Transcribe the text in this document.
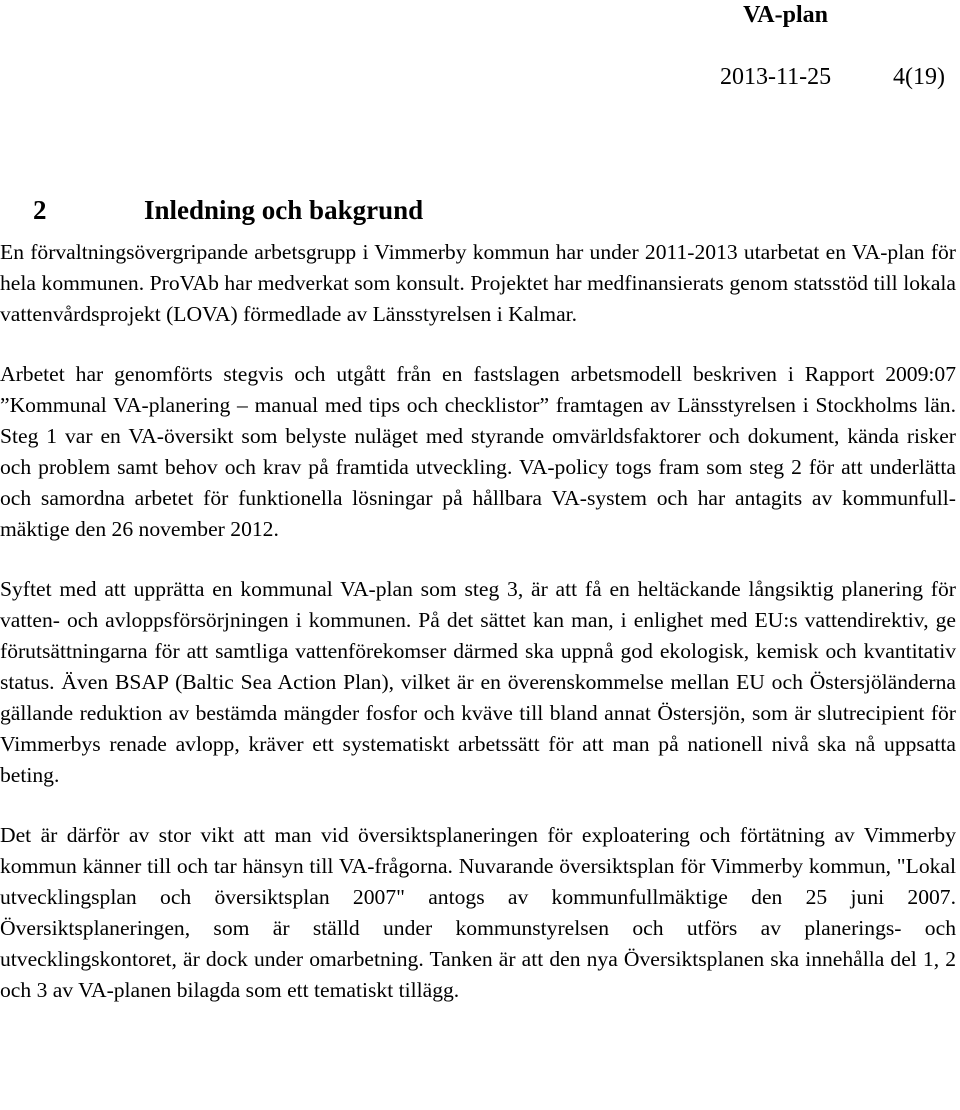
VA-plan
2013-11-25	4(19)
2	Inledning och bakgrund

En förvaltningsövergripande arbetsgrupp i Vimmerby kommun har under 2011-2013 utarbetat en VA-plan för hela kommunen. ProVAb har medverkat som konsult. Projektet har medfinansierats genom statsstöd till lokala vattenvårdsprojekt (LOVA) förmedlade av Länsstyrelsen i Kalmar.

Arbetet har genomförts stegvis och utgått från en fastslagen arbetsmodell beskriven i Rapport 2009:07 ”Kommunal VA-planering – manual med tips och checklistor” framtagen av Länsstyrelsen i Stockholms län. Steg 1 var en VA-översikt som belyste nuläget med styrande omvärldsfaktorer och dokument, kända risker och problem samt behov och krav på framtida utveckling. VA-policy togs fram som steg 2 för att underlätta och samordna arbetet för funktionella lösningar på hållbara VA-system och har antagits av kommunfullmäktige den 26 november 2012.

Syftet med att upprätta en kommunal VA-plan som steg 3, är att få en heltäckande långsiktig planering för vatten- och avloppsförsörjningen i kommunen. På det sättet kan man, i enlighet med EU:s vattendirektiv, ge förutsättningarna för att samtliga vattenförekomser därmed ska uppnå god ekologisk, kemisk och kvantitativ status. Även BSAP (Baltic Sea Action Plan), vilket är en överenskommelse mellan EU och Östersjöländerna gällande reduktion av bestämda mängder fosfor och kväve till bland annat Östersjön, som är slutrecipient för Vimmerbys renade avlopp, kräver ett systematiskt arbetssätt för att man på nationell nivå ska nå uppsatta beting.

Det är därför av stor vikt att man vid översiktsplaneringen för exploatering och förtätning av Vimmerby kommun känner till och tar hänsyn till VA-frågorna. Nuvarande översiktsplan för Vimmerby kommun, "Lokal utvecklingsplan och översiktsplan 2007" antogs av kommunfullmäktige den 25 juni 2007. Översiktsplaneringen, som är ställd under kommunstyrelsen och utförs av planerings- och utvecklingskontoret, är dock under omarbetning. Tanken är att den nya Översiktsplanen ska innehålla del 1, 2 och 3 av VA-planen bilagda som ett tematiskt tillägg.
